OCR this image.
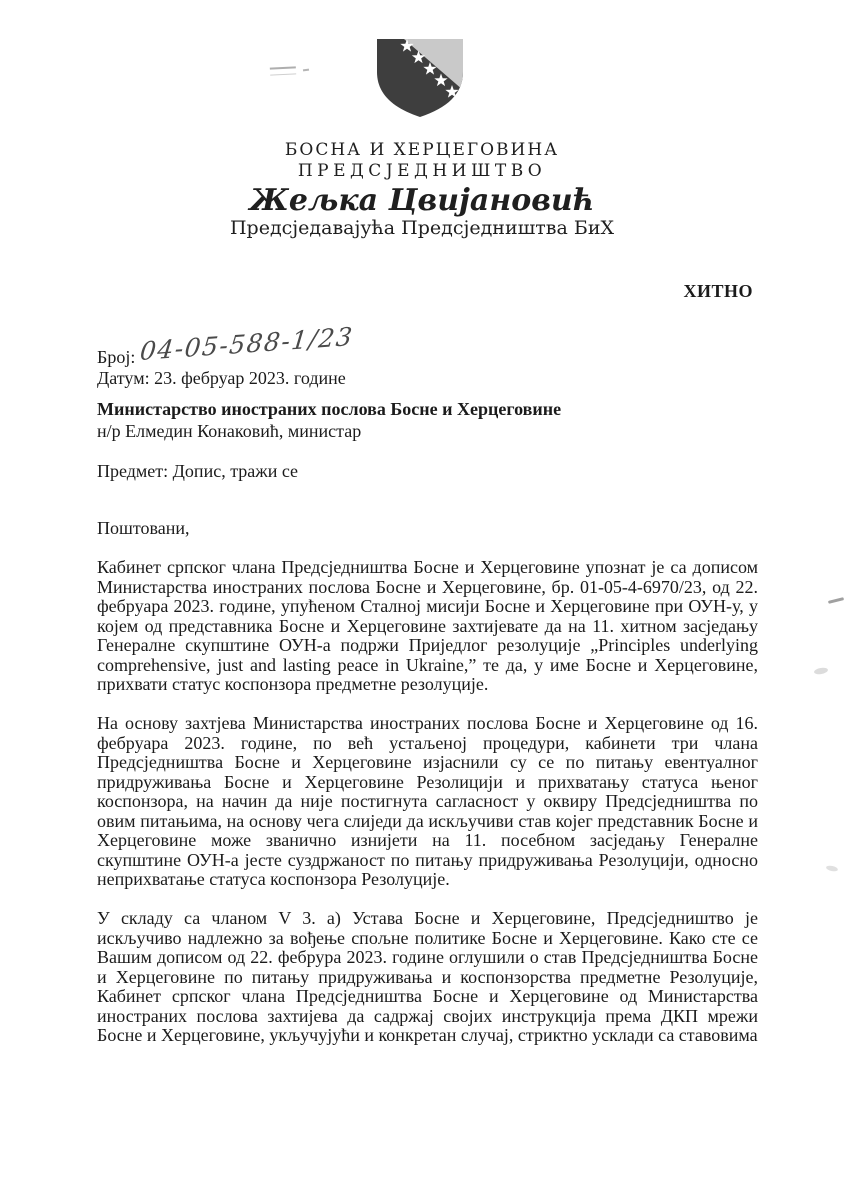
БОСНА И ХЕРЦЕГОВИНА
ПРЕДСЈЕДНИШТВО
Жељка Цвијановић
Предсједавајућа Предсједништва БиХ
ХИТНО
Број: 04-05-588-1/23
Датум: 23. фебруар 2023. године
Министарство иностраних послова Босне и Херцеговине
н/р Елмедин Конаковић, министар
Предмет: Допис, тражи се
Поштовани,

Кабинет српског члана Предсједништва Босне и Херцеговине упознат је са дописом Министарства иностраних послова Босне и Херцеговине, бр. 01-05-4-6970/23, од 22. фебруара 2023. године, упућеном Сталној мисији Босне и Херцеговине при ОУН-у, у којем од представника Босне и Херцеговине захтијевате да на 11. хитном засједању Генералне скупштине ОУН-а подржи Приједлог резолуције „Principles underlying comprehensive, just and lasting peace in Ukraine,” те да, у име Босне и Херцеговине, прихвати статус коспонзора предметне резолуције.

На основу захтјева Министарства иностраних послова Босне и Херцеговине од 16. фебруара 2023. године, по већ устаљеној процедури, кабинети три члана Предсједништва Босне и Херцеговине изјаснили су се по питању евентуалног придруживања Босне и Херцеговине Резолицији и прихватању статуса њеног коспонзора, на начин да није постигнута сагласност у оквиру Предсједништва по овим питањима, на основу чега слиједи да искључиви став којег представник Босне и Херцеговине може званично изнијети на 11. посебном засједању Генералне скупштине ОУН-а јесте суздржаност по питању придруживања Резолуцији, односно неприхватање статуса коспонзора Резолуције.

У складу са чланом V 3. а) Устава Босне и Херцеговине, Предсједништво је искључиво надлежно за вођење спољне политике Босне и Херцеговине. Како сте се Вашим дописом од 22. фебрура 2023. године оглушили о став Предсједништва Босне и Херцеговине по питању придруживања и коспонзорства предметне Резолуције, Кабинет српског члана Предсједништва Босне и Херцеговине од Министарства иностраних послова захтијева да садржај својих инструкција према ДКП мрежи Босне и Херцеговине, укључујући и конкретан случај, стриктно усклади са ставовима
